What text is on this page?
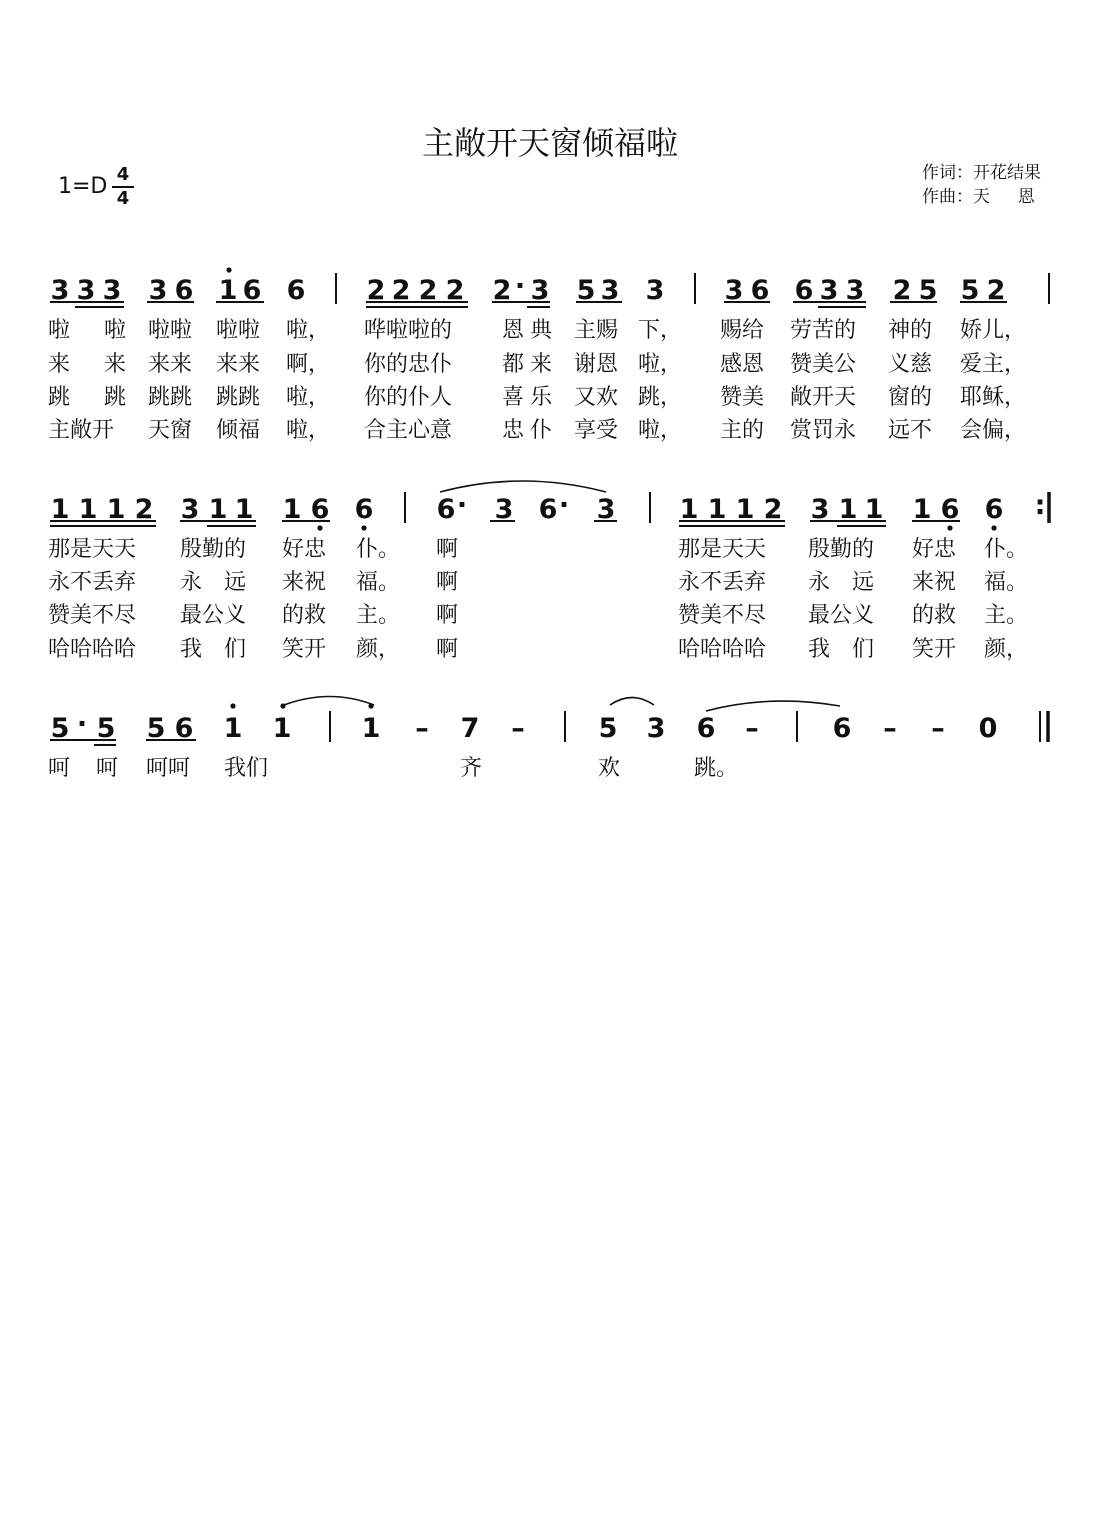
主敞开天窗倾福啦
作词：开花结果
作曲：天　  恩
1=D 4
4
3 3 3 3 6 1 6 6 2 2 2 2 2 · 3 5 3 3 3 6 6 3 3 2 5 5 2
1 1 1 2 3 1 1 1 6 6 6 · 3 6 · 3 1 1 1 2 3 1 1 1 6 6 :
5 · 5 5 6 1 1	1 – 7 –	5 3 6 –	6 – – 0
啦 啦 啦啦 啦啦 啦， 哗啦啦的 恩 典 主赐 下， 赐给 劳苦的 神的 娇儿，
来 来 来来 来来 啊， 你的忠仆 都 来 谢恩 啦， 感恩 赞美公 义慈 爱主，
跳 跳 跳跳 跳跳 啦， 你的仆人 喜 乐 又欢 跳， 赞美 敞开天 窗的 耶稣，
主敞开 天窗 倾福 啦， 合主心意 忠 仆 享受 啦， 主的 赏罚永 远不 会偏，
那是天天 殷勤的 好忠 仆。 啊	那是天天 殷勤的 好忠 仆。
永不丢弃 永　远 来祝 福。 啊	永不丢弃 永　远 来祝 福。
赞美不尽 最公义 的救 主。 啊	赞美不尽 最公义 的救 主。
哈哈哈哈 我　们 笑开 颜， 啊	哈哈哈哈 我　们 笑开 颜，
呵 呵 呵呵 我们	齐	欢	跳。
